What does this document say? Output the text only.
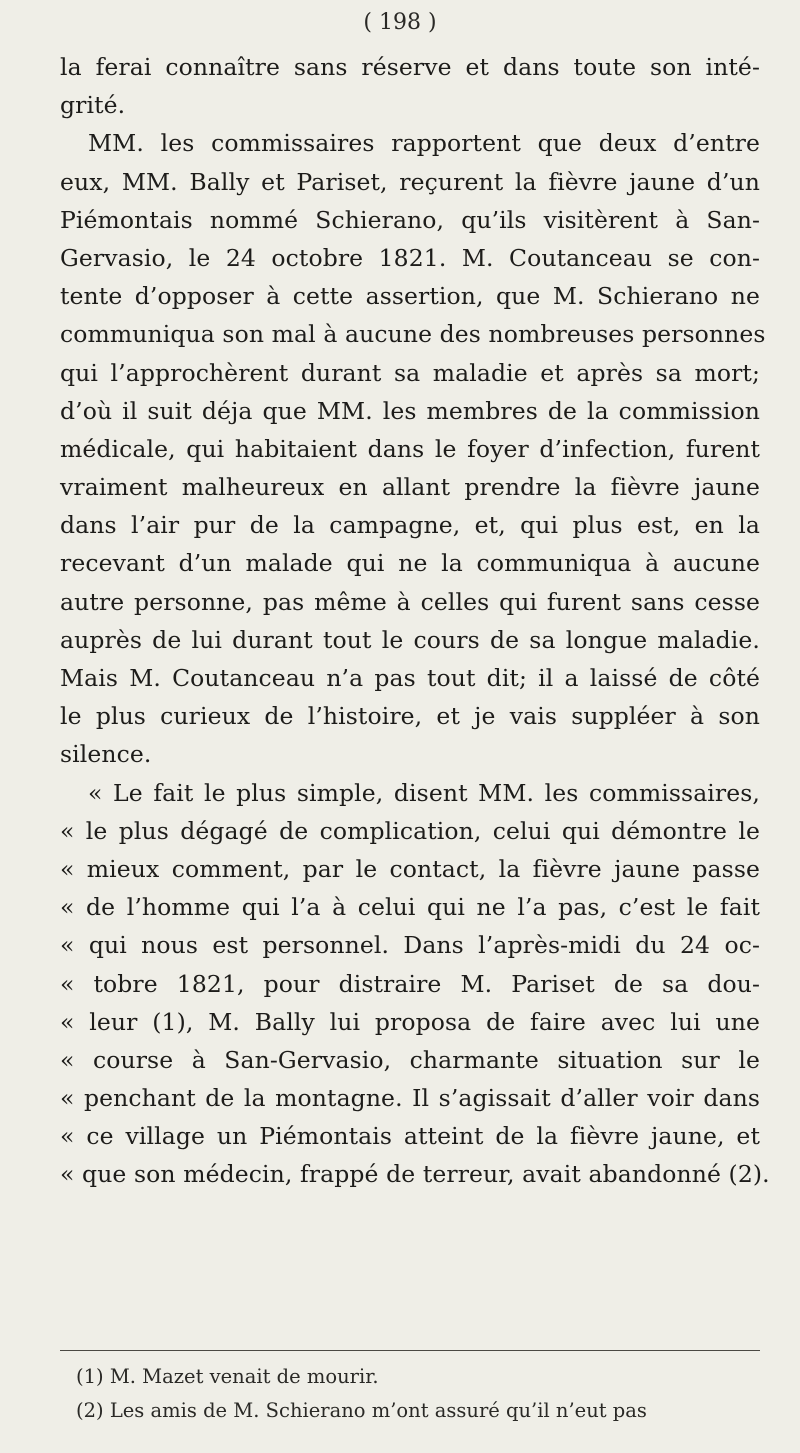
( 198 )
la ferai connaître sans réserve et dans toute son inté-
grité.
MM. les commissaires rapportent que deux d’entre
eux, MM. Bally et Pariset, reçurent la fièvre jaune d’un
Piémontais nommé Schierano, qu’ils visitèrent à San-
Gervasio, le 24 octobre 1821. M. Coutanceau se con-
tente d’opposer à cette assertion, que M. Schierano ne
communiqua son mal à aucune des nombreuses personnes
qui l’approchèrent durant sa maladie et après sa mort;
d’où il suit déja que MM. les membres de la commission
médicale, qui habitaient dans le foyer d’infection, furent
vraiment malheureux en allant prendre la fièvre jaune
dans l’air pur de la campagne, et, qui plus est, en la
recevant d’un malade qui ne la communiqua à aucune
autre personne, pas même à celles qui furent sans cesse
auprès de lui durant tout le cours de sa longue maladie.
Mais M. Coutanceau n’a pas tout dit; il a laissé de côté
le plus curieux de l’histoire, et je vais suppléer à son
silence.
« Le fait le plus simple, disent MM. les commissaires,
« le plus dégagé de complication, celui qui démontre le
« mieux comment, par le contact, la fièvre jaune passe
« de l’homme qui l’a à celui qui ne l’a pas, c’est le fait
« qui nous est personnel. Dans l’après-midi du 24 oc-
« tobre 1821, pour distraire M. Pariset de sa dou-
« leur (1), M. Bally lui proposa de faire avec lui une
« course à San-Gervasio, charmante situation sur le
« penchant de la montagne. Il s’agissait d’aller voir dans
« ce village un Piémontais atteint de la fièvre jaune, et
« que son médecin, frappé de terreur, avait abandonné (2).
(1) M. Mazet venait de mourir.
(2) Les amis de M. Schierano m’ont assuré qu’il n’eut pas
